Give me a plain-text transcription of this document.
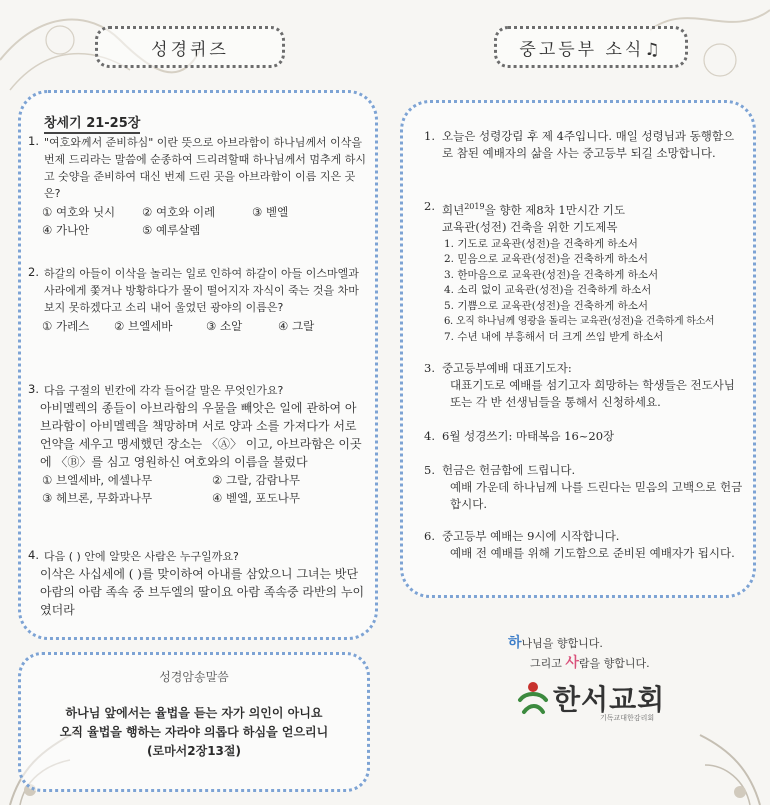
성경퀴즈
창세기 21-25장
1. "여호와께서 준비하심" 이란 뜻으로 아브라함이 하나님께서 이삭을 번제 드리라는 말씀에 순종하여 드리려할때 하나님께서 멈추게 하시고 숫양을 준비하여 대신 번제 드린 곳을 아브라함이 이름 지은 곳은?
① 여호와 닛시	② 여호와 이레	③ 벧엘
④ 가나안	⑤ 예루살렘
2. 하갈의 아들이 이삭을 놀리는 일로 인하여 하갈이 아들 이스마엘과 사라에게 쫓겨나 방황하다가 물이 떨어지자 자식이 죽는 것을 차마 보지 못하겠다고 소리 내어 울었던 광야의 이름은?
① 가레스	② 브엘세바	③ 소알	④ 그랄
3. 다음 구절의 빈칸에 각각 들어갈 말은 무엇인가요?
아비멜렉의 종들이 아브라함의 우물을 빼앗은 일에 관하여 아브라함이 아비멜렉을 책망하며 서로 양과 소를 가져다가 서로 언약을 세우고 맹세했던 장소는 〈Ⓐ〉 이고, 아브라함은 이곳에 〈Ⓑ〉를 심고 영원하신 여호와의 이름을 불렀다
① 브엘세바, 에셀나무	② 그랄, 감람나무
③ 헤브론, 무화과나무	④ 벧엘, 포도나무
4. 다음 ( ) 안에 알맞은 사람은 누구일까요?
이삭은 사십세에 ( )를 맞이하여 아내를 삼았으니 그녀는 밧단 아람의 아람 족속 중 브두엘의 딸이요 아람 족속중 라반의 누이였더라
성경암송말씀
하나님 앞에서는 율법을 듣는 자가 의인이 아니요
오직 율법을 행하는 자라야 의롭다 하심을 얻으리니
(로마서2장13절)
중고등부 소식♫
1. 오늘은 성령강림 후 제 4주입니다. 매일 성령님과 동행함으로 참된 예배자의 삶을 사는 중고등부 되길 소망합니다.
2. 희년$^{2019}$을 향한 제8차 1만시간 기도
교육관(성전) 건축을 위한 기도제목
1. 기도로 교육관(성전)을 건축하게 하소서
2. 믿음으로 교육관(성전)을 건축하게 하소서
3. 한마음으로 교육관(성전)을 건축하게 하소서
4. 소리 없이 교육관(성전)을 건축하게 하소서
5. 기쁨으로 교육관(성전)을 건축하게 하소서
6. 오직 하나님께 영광을 돌리는 교육관(성전)을 건축하게 하소서
7. 수년 내에 부흥해서 더 크게 쓰임 받게 하소서
3. 중고등부예배 대표기도자:
대표기도로 예배를 섬기고자 희망하는 학생들은 전도사님 또는 각 반 선생님들을 통해서 신청하세요.
4. 6월 성경쓰기: 마태복음 16~20장
5. 헌금은 헌금함에 드립니다.
예배 가운데 하나님께 나를 드린다는 믿음의 고백으로 헌금합시다.
6. 중고등부 예배는 9시에 시작합니다.
예배 전 예배를 위해 기도함으로 준비된 예배자가 됩시다.
하나님을 향합니다.
그리고 사람을 향합니다.
한서교회
기독교대한감리회
